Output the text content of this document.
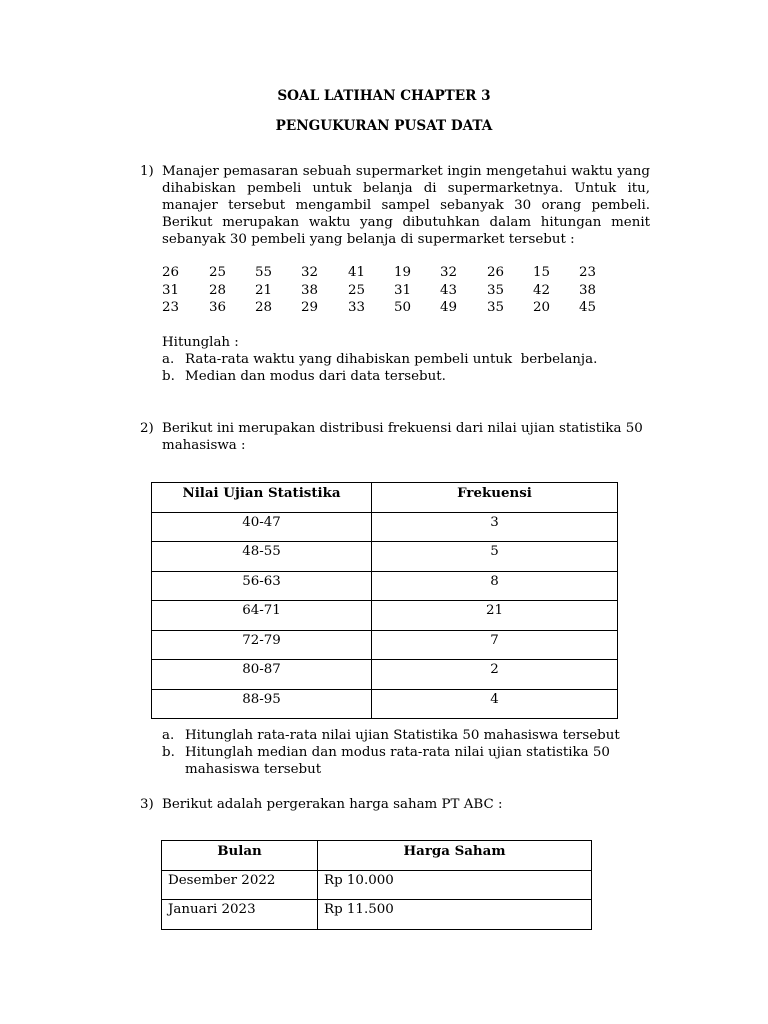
SOAL LATIHAN CHAPTER 3
PENGUKURAN PUSAT DATA
1) Manajer pemasaran sebuah supermarket ingin mengetahui waktu yang dihabiskan pembeli untuk belanja di supermarketnya. Untuk itu, manajer tersebut mengambil sampel sebanyak 30 orang pembeli. Berikut merupakan waktu yang dibutuhkan dalam hitungan menit sebanyak 30 pembeli yang belanja di supermarket tersebut :
26 25 55 32 41 19 32 26 15 23
31 28 21 38 25 31 43 35 42 38
23 36 28 29 33 50 49 35 20 45
Hitunglah :
a. Rata-rata waktu yang dihabiskan pembeli untuk  berbelanja.
b. Median dan modus dari data tersebut.
2) Berikut ini merupakan distribusi frekuensi dari nilai ujian statistika 50
mahasiswa :
Nilai Ujian Statistika	Frekuensi
40-47	3
48-55	5
56-63	8
64-71	21
72-79	7
80-87	2
88-95	4
a. Hitunglah rata-rata nilai ujian Statistika 50 mahasiswa tersebut
b. Hitunglah median dan modus rata-rata nilai ujian statistika 50
mahasiswa tersebut
3) Berikut adalah pergerakan harga saham PT ABC :
Bulan	Harga Saham
Desember 2022	Rp 10.000
Januari 2023	Rp 11.500
